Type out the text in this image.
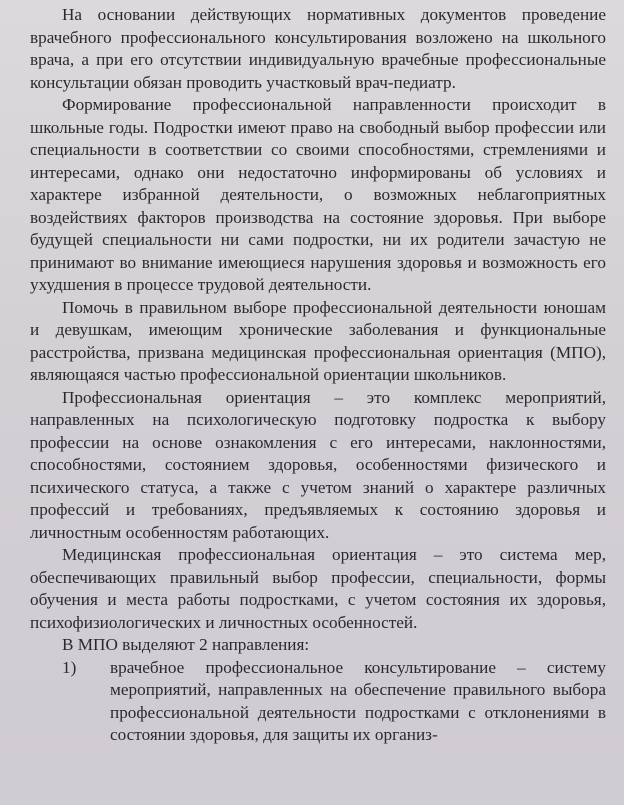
На основании действующих нормативных документов проведение врачебного профессионального консультирования возложено на школьного врача, а при его отсутствии индивидуальную врачебные профессиональные консультации обязан проводить участковый врач-педиатр.

Формирование профессиональной направленности происходит в школьные годы. Подростки имеют право на свободный выбор профессии или специальности в соответствии со своими способностями, стремлениями и интересами, однако они недостаточно информированы об условиях и характере избранной деятельности, о возможных неблагоприятных воздействиях факторов производства на состояние здоровья. При выборе будущей специальности ни сами подростки, ни их родители зачастую не принимают во внимание имеющиеся нарушения здоровья и возможность его ухудшения в процессе трудовой деятельности.

Помочь в правильном выборе профессиональной деятельности юношам и девушкам, имеющим хронические заболевания и функциональные расстройства, призвана медицинская профессиональная ориентация (МПО), являющаяся частью профессиональной ориентации школьников.

Профессиональная ориентация – это комплекс мероприятий, направленных на психологическую подготовку подростка к выбору профессии на основе ознакомления с его интересами, наклонностями, способностями, состоянием здоровья, особенностями физического и психического статуса, а также с учетом знаний о характере различных профессий и требованиях, предъявляемых к состоянию здоровья и личностным особенностям работающих.

Медицинская профессиональная ориентация – это система мер, обеспечивающих правильный выбор профессии, специальности, формы обучения и места работы подростками, с учетом состояния их здоровья, психофизиологических и личностных особенностей.

В МПО выделяют 2 направления:

1)	врачебное профессиональное консультирование – систему мероприятий, направленных на обеспечение правильного выбора профессиональной деятельности подростками с отклонениями в состоянии здоровья, для защиты их организ-
